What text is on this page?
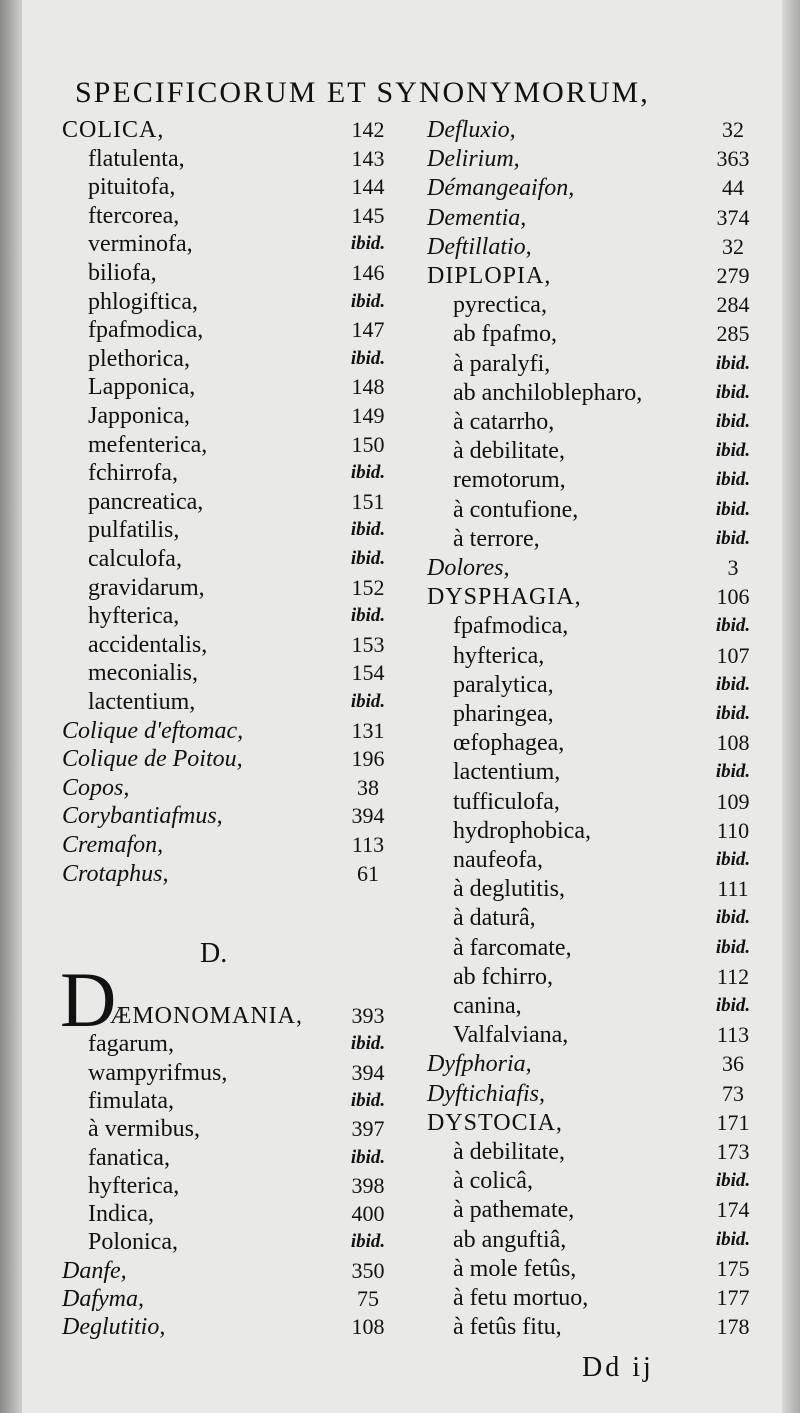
SPECIFICORUM ET SYNONYMORUM,
COLICA,	142
flatulenta,	143
pituitofa,	144
ftercorea,	145
verminofa,	ibid.
biliofa,	146
phlogiftica,	ibid.
fpafmodica,	147
plethorica,	ibid.
Lapponica,	148
Japponica,	149
mefenterica,	150
fchirrofa,	ibid.
pancreatica,	151
pulfatilis,	ibid.
calculofa,	ibid.
gravidarum,	152
hyfterica,	ibid.
accidentalis,	153
meconialis,	154
lactentium,	ibid.
Colique d'eftomac,	131
Colique de Poitou,	196
Copos,	38
Corybantiafmus,	394
Cremafon,	113
Crotaphus,	61
ÆMONOMANIA,	393
fagarum,	ibid.
wampyrifmus,	394
fimulata,	ibid.
à vermibus,	397
fanatica,	ibid.
hyfterica,	398
Indica,	400
Polonica,	ibid.
Danfe,	350
Dafyma,	75
Deglutitio,	108
Defluxio,	32
Delirium,	363
Démangeaifon,	44
Dementia,	374
Deftillatio,	32
DIPLOPIA,	279
pyrectica,	284
ab fpafmo,	285
à paralyfi,	ibid.
ab anchiloblepharo,	ibid.
à catarrho,	ibid.
à debilitate,	ibid.
remotorum,	ibid.
à contufione,	ibid.
à terrore,	ibid.
Dolores,	3
DYSPHAGIA,	106
fpafmodica,	ibid.
hyfterica,	107
paralytica,	ibid.
pharingea,	ibid.
œfophagea,	108
lactentium,	ibid.
tufficulofa,	109
hydrophobica,	110
naufeofa,	ibid.
à deglutitis,	111
à daturâ,	ibid.
à farcomate,	ibid.
ab fchirro,	112
canina,	ibid.
Valfalviana,	113
Dyfphoria,	36
Dyftichiafis,	73
DYSTOCIA,	171
à debilitate,	173
à colicâ,	ibid.
à pathemate,	174
ab anguftiâ,	ibid.
à mole fetûs,	175
à fetu mortuo,	177
à fetûs fitu,	178
D.
D
Dd ij
